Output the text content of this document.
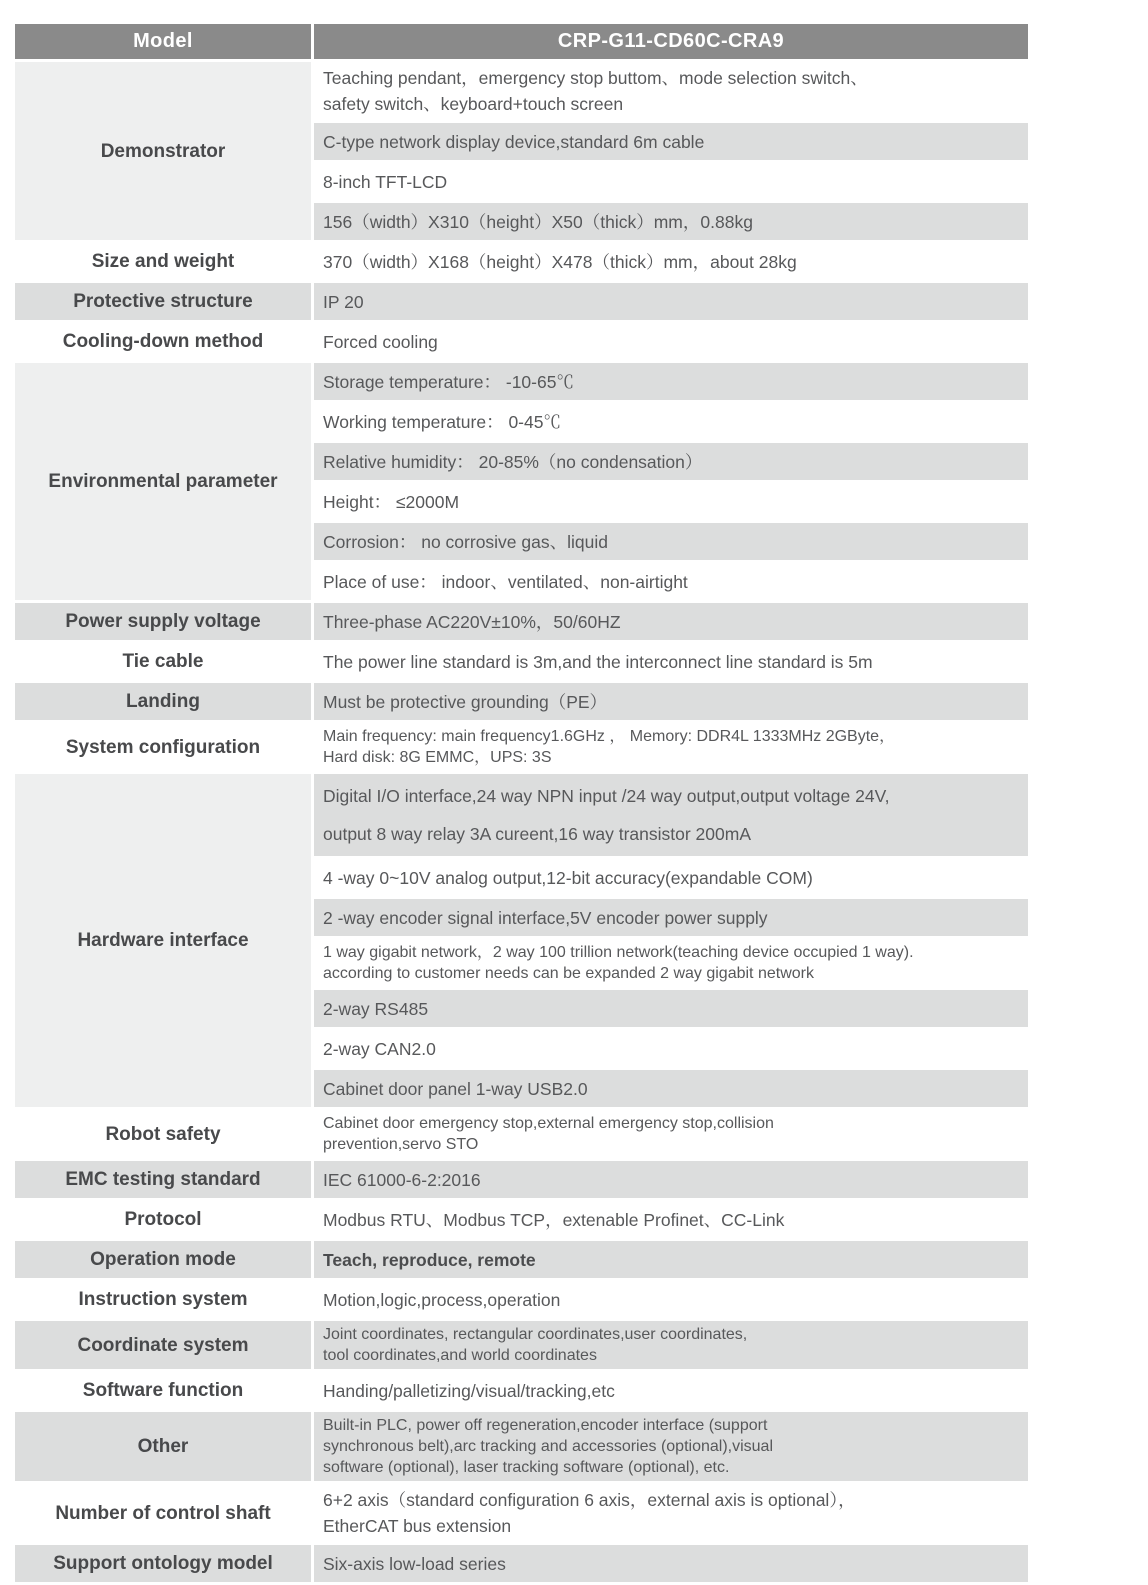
Model	CRP-G11-CD60C-CRA9
Demonstrator	Teaching pendant，emergency stop buttom、mode selection switch、
safety switch、keyboard+touch screen
	C-type network display device,standard 6m cable
	8-inch TFT-LCD
	156（width）X310（height）X50（thick）mm，0.88kg
Size and weight	370（width）X168（height）X478（thick）mm，about 28kg
Protective structure	IP 20
Cooling-down method	Forced cooling
Environmental parameter	Storage temperature： -10-65℃
	Working temperature： 0-45℃
	Relative humidity： 20-85%（no condensation）
	Height： ≤2000M
	Corrosion： no corrosive gas、liquid
	Place of use： indoor、ventilated、non-airtight
Power supply voltage	Three-phase AC220V±10%，50/60HZ
Tie cable	The power line standard is 3m,and the interconnect line standard is 5m
Landing	Must be protective grounding（PE）
System configuration	Main frequency: main frequency1.6GHz ， Memory: DDR4L 1333MHz 2GByte，
Hard disk: 8G EMMC，UPS: 3S
Hardware interface	Digital I/O interface,24 way NPN input /24 way output,output voltage 24V,
output 8 way relay 3A cureent,16 way transistor 200mA
	4 -way 0~10V analog output,12-bit accuracy(expandable COM)
	2 -way encoder signal interface,5V encoder power supply
	1 way gigabit network，2 way 100 trillion network(teaching device occupied 1 way).
according to customer needs can be expanded 2 way gigabit network
	2-way RS485
	2-way CAN2.0
	Cabinet door panel 1-way USB2.0
Robot safety	Cabinet door emergency stop,external emergency stop,collision
prevention,servo STO
EMC testing standard	IEC 61000-6-2:2016
Protocol	Modbus RTU、Modbus TCP，extenable Profinet、CC-Link
Operation mode	Teach, reproduce, remote
Instruction system	Motion,logic,process,operation
Coordinate system	Joint coordinates, rectangular coordinates,user coordinates,
tool coordinates,and world coordinates
Software function	Handing/palletizing/visual/tracking,etc
Other	Built-in PLC, power off regeneration,encoder interface (support
synchronous belt),arc tracking and accessories (optional),visual
software (optional), laser tracking software (optional), etc.
Number of control shaft	6+2 axis（standard configuration 6 axis，external axis is optional），
EtherCAT bus extension
Support ontology model	Six-axis low-load series
